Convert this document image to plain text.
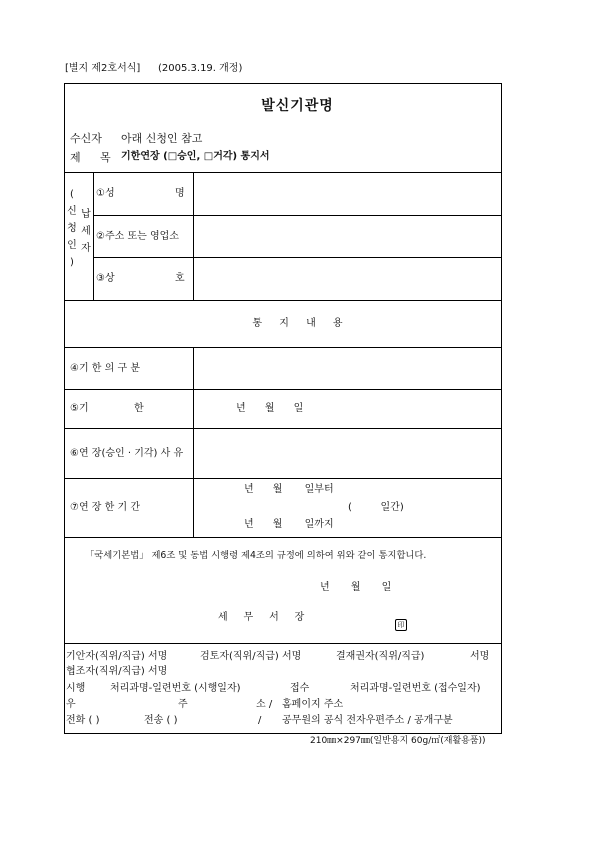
[별지 제2호서식] (2005.3.19. 개정)
발신기관명
수신자 아래 신청인 참고
제 목 기한연장 (□승인, □거각) 통지서
(
신
청
인
)
납
세
자
①성	명
②주소 또는 영업소
③상	호
통 지 내 용
④기 한 의 구 분
⑤기	한	년 월 일
⑥연 장(승인 · 기각) 사 유
⑦연 장 한 기 간
년      월       일부터
(         일간)
년      월       일까지
「국세기본법」 제6조 및 동법 시행령 제4조의 규정에 의하여 위와 같이 통지합니다.
년 월 일
세     무     서     장
印
기안자(직위/직급) 서명	검토자(직위/직급) 서명	결재권자(직위/직급)	서명
협조자(직위/직급) 서명
시행 처리과명-일련번호 (시행일자)	접수	처리과명-일련번호 (접수일자)
우	주	소 / 홈페이지 주소
전화 ( )	전송 ( )	/ 공무원의 공식 전자우편주소 / 공개구분
210㎜×297㎜(일반용지 60g/㎡(재활용품))
